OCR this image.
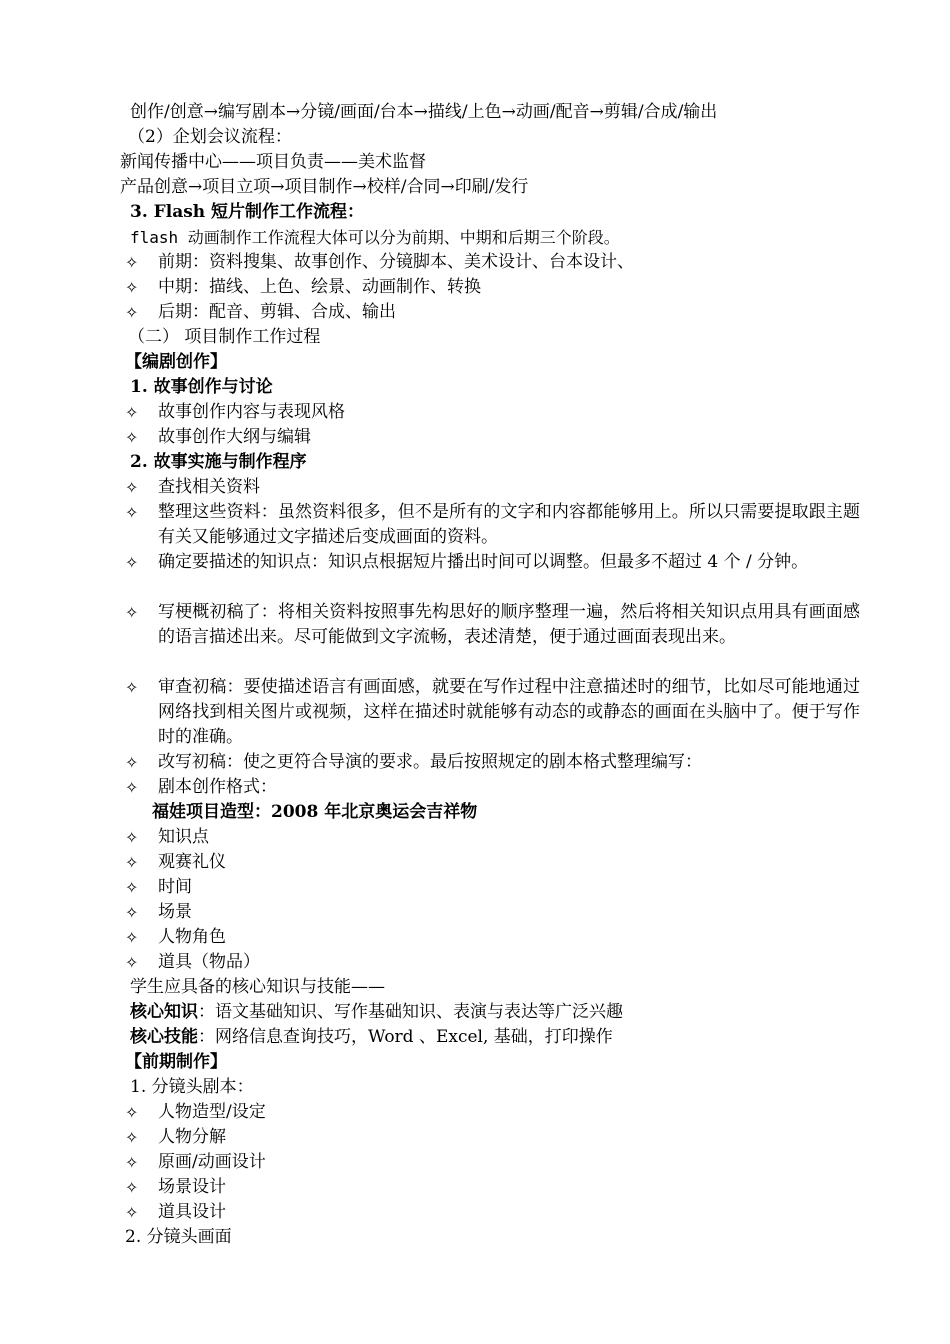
创作/创意→编写剧本→分镜/画面/台本→描线/上色→动画/配音→剪辑/合成/输出
（2）企划会议流程：
新闻传播中心——项目负责——美术监督
产品创意→项目立项→项目制作→校样/合同→印刷/发行
3. Flash 短片制作工作流程：
flash 动画制作工作流程大体可以分为前期、中期和后期三个阶段。
✧	前期：资料搜集、故事创作、分镜脚本、美术设计、台本设计、
✧	中期：描线、上色、绘景、动画制作、转换
✧	后期：配音、剪辑、合成、输出
（二） 项目制作工作过程
【编剧创作】
1. 故事创作与讨论
✧	故事创作内容与表现风格
✧	故事创作大纲与编辑
2. 故事实施与制作程序
✧	查找相关资料
✧	整理这些资料：虽然资料很多，但不是所有的文字和内容都能够用上。所以只需要提取跟主题有关又能够通过文字描述后变成画面的资料。
✧	确定要描述的知识点：知识点根据短片播出时间可以调整。但最多不超过 4 个 / 分钟。
✧	写梗概初稿了：将相关资料按照事先构思好的顺序整理一遍，然后将相关知识点用具有画面感的语言描述出来。尽可能做到文字流畅，表述清楚，便于通过画面表现出来。
✧	审查初稿：要使描述语言有画面感，就要在写作过程中注意描述时的细节，比如尽可能地通过网络找到相关图片或视频，这样在描述时就能够有动态的或静态的画面在头脑中了。便于写作时的准确。
✧	改写初稿：使之更符合导演的要求。最后按照规定的剧本格式整理编写：
✧	剧本创作格式：
福娃项目造型：2008 年北京奥运会吉祥物
✧	知识点
✧	观赛礼仪
✧	时间
✧	场景
✧	人物角色
✧	道具（物品）
学生应具备的核心知识与技能——
核心知识：语文基础知识、写作基础知识、表演与表达等广泛兴趣
核心技能：网络信息查询技巧，Word 、Excel, 基础，打印操作
【前期制作】
1. 分镜头剧本：
✧	人物造型/设定
✧	人物分解
✧	原画/动画设计
✧	场景设计
✧	道具设计
2. 分镜头画面
